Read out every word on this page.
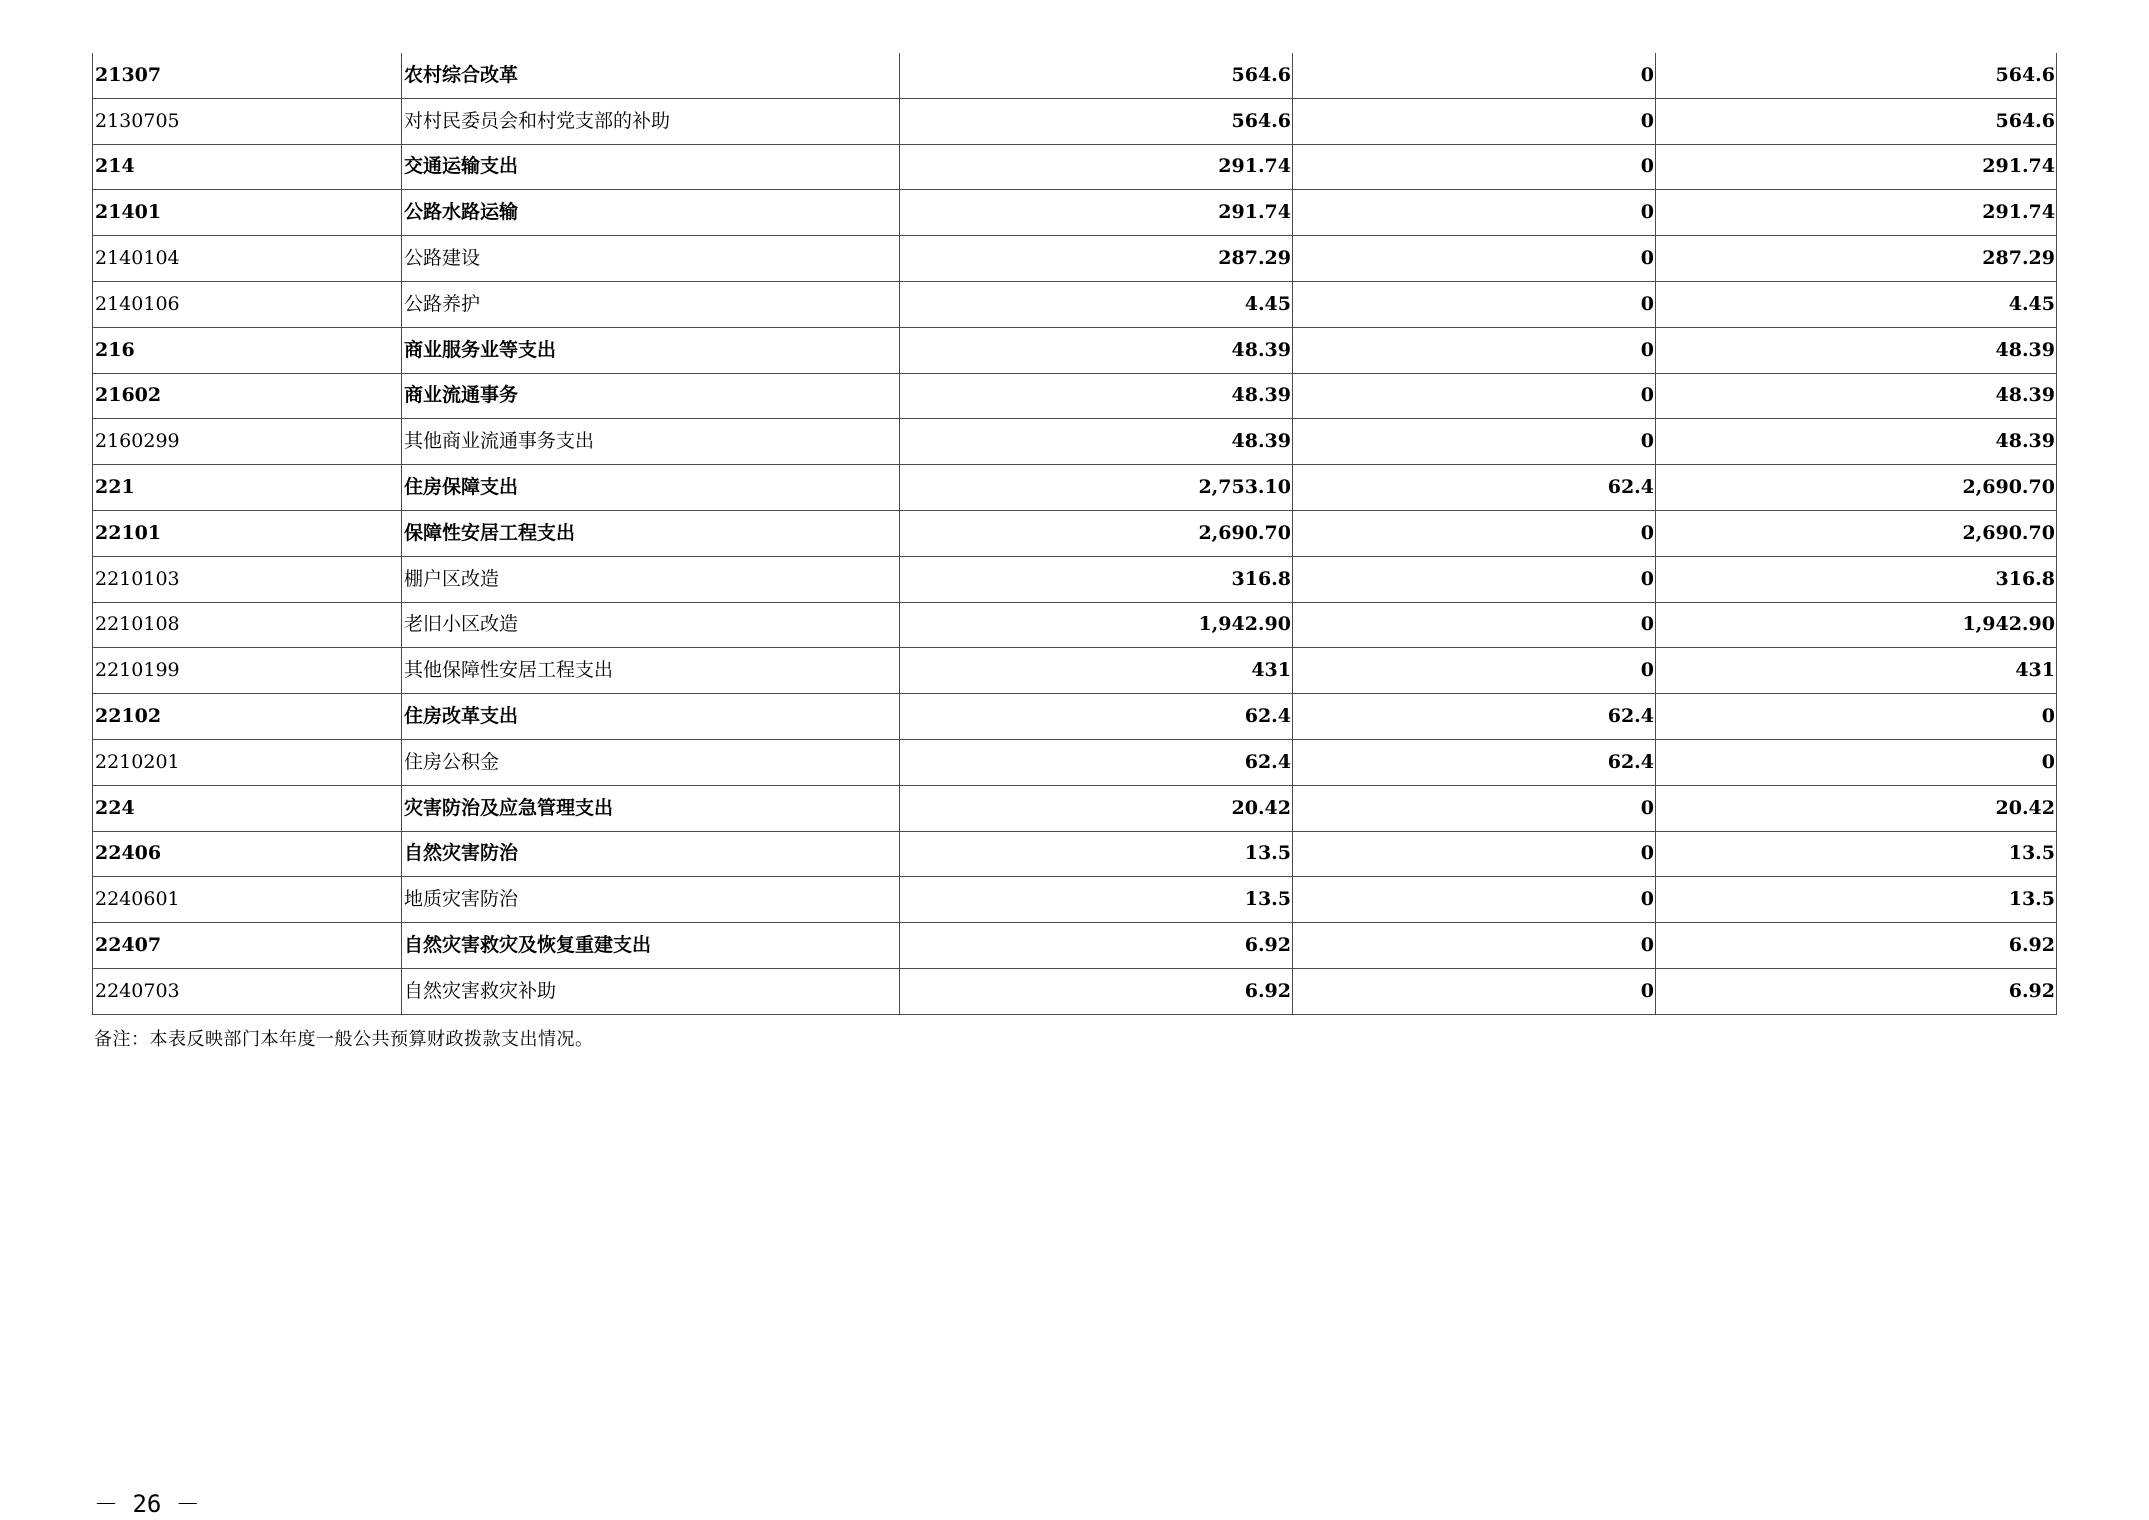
21307	农村综合改革	564.6	0	564.6
2130705	对村民委员会和村党支部的补助	564.6	0	564.6
214	交通运输支出	291.74	0	291.74
21401	公路水路运输	291.74	0	291.74
2140104	公路建设	287.29	0	287.29
2140106	公路养护	4.45	0	4.45
216	商业服务业等支出	48.39	0	48.39
21602	商业流通事务	48.39	0	48.39
2160299	其他商业流通事务支出	48.39	0	48.39
221	住房保障支出	2,753.10	62.4	2,690.70
22101	保障性安居工程支出	2,690.70	0	2,690.70
2210103	棚户区改造	316.8	0	316.8
2210108	老旧小区改造	1,942.90	0	1,942.90
2210199	其他保障性安居工程支出	431	0	431
22102	住房改革支出	62.4	62.4	0
2210201	住房公积金	62.4	62.4	0
224	灾害防治及应急管理支出	20.42	0	20.42
22406	自然灾害防治	13.5	0	13.5
2240601	地质灾害防治	13.5	0	13.5
22407	自然灾害救灾及恢复重建支出	6.92	0	6.92
2240703	自然灾害救灾补助	6.92	0	6.92
备注：本表反映部门本年度一般公共预算财政拨款支出情况。
－ 26 －
